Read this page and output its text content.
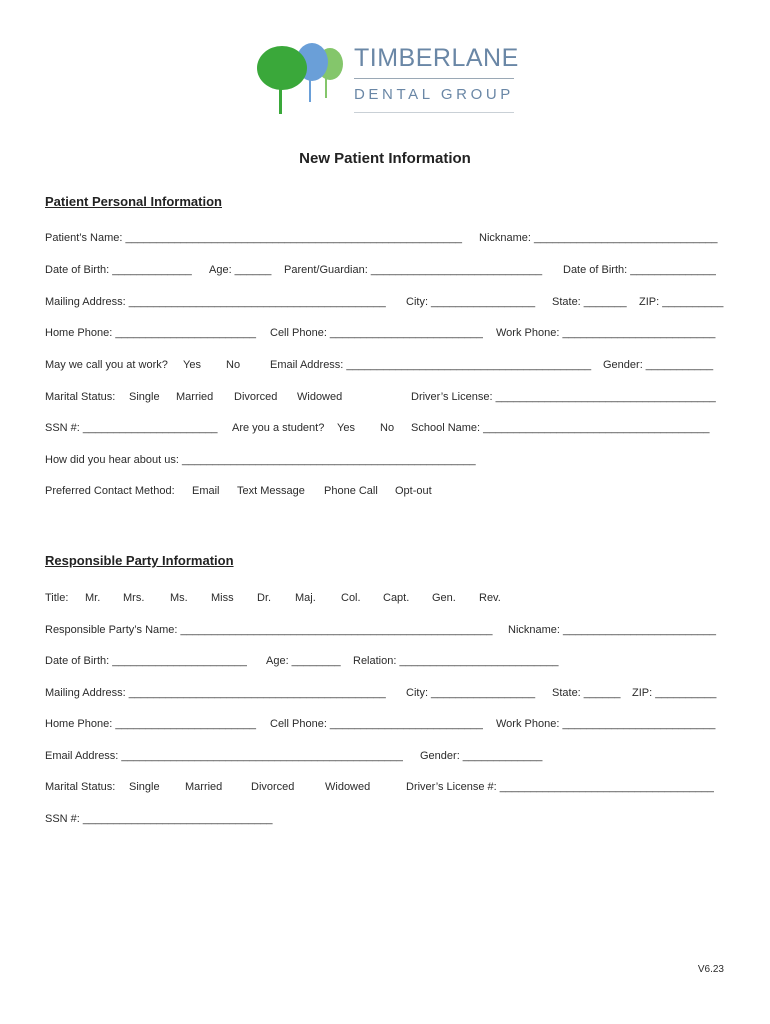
TIMBERLANE
DENTAL GROUP
New Patient Information
Patient Personal Information
Patient’s Name: _______________________________________________________ Nickname: ______________________________
Date of Birth: _____________ Age: ______ Parent/Guardian: ____________________________ Date of Birth: ______________
Mailing Address: __________________________________________ City: _________________ State: _______ ZIP: __________
Home Phone: _______________________ Cell Phone: _________________________ Work Phone: _________________________
May we call you at work? Yes No	Email Address: ________________________________________ Gender: ___________
Marital Status: Single Married Divorced Widowed	Driver’s License: ____________________________________
SSN #: ______________________ Are you a student? Yes No School Name: _____________________________________
How did you hear about us: ________________________________________________
Preferred Contact Method: Email Text Message Phone Call Opt-out
Responsible Party Information
Title: Mr. Mrs. Ms. Miss Dr. Maj. Col. Capt. Gen. Rev.
Responsible Party’s Name: ___________________________________________________ Nickname: _________________________
Date of Birth: ______________________ Age: ________ Relation: __________________________
Mailing Address: __________________________________________ City: _________________ State: ______ ZIP: __________
Home Phone: _______________________ Cell Phone: _________________________ Work Phone: _________________________
Email Address: ______________________________________________ Gender: _____________
Marital Status: Single Married	Divorced	Widowed	Driver’s License #: ___________________________________
SSN #: _______________________________
V6.23
